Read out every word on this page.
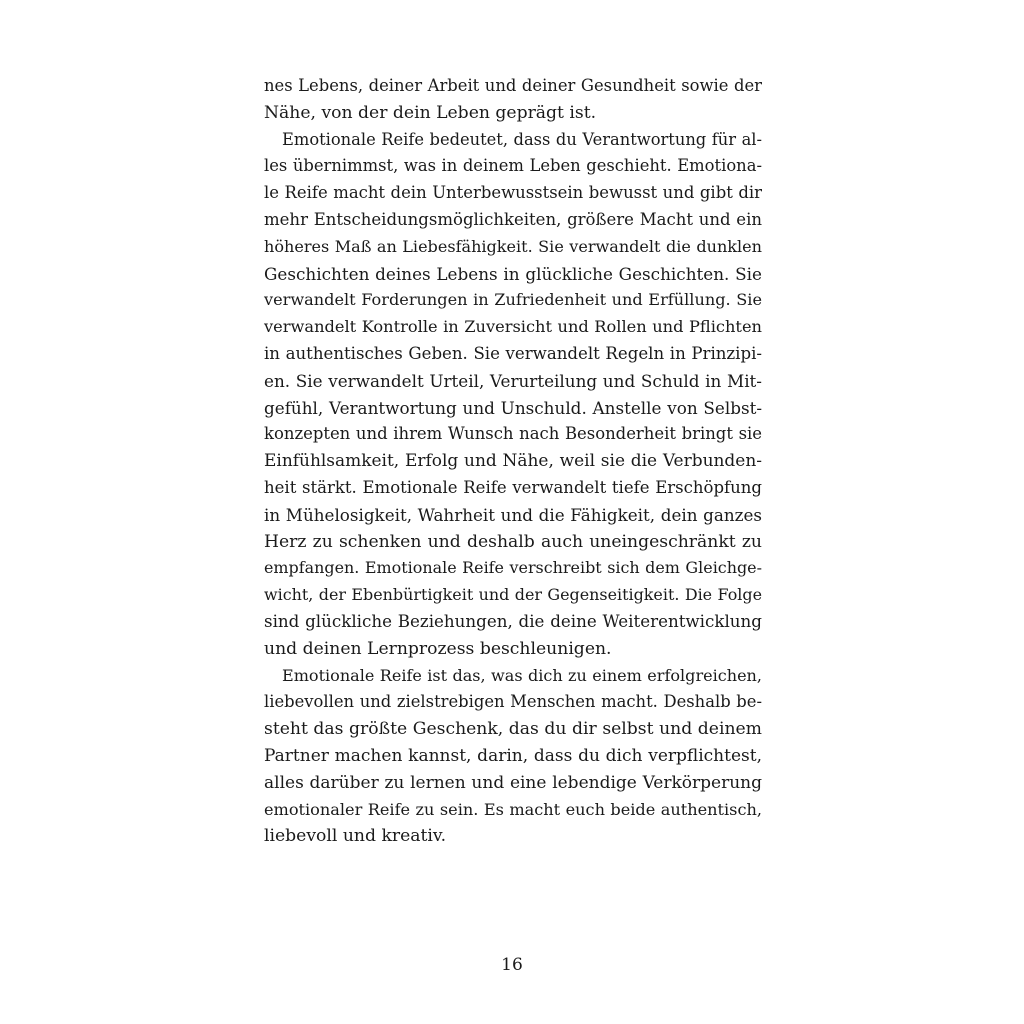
nes Lebens, deiner Arbeit und deiner Gesundheit sowie der
Nähe, von der dein Leben geprägt ist.
Emotionale Reife bedeutet, dass du Verantwortung für al-
les übernimmst, was in deinem Leben geschieht. Emotiona-
le Reife macht dein Unterbewusstsein bewusst und gibt dir
mehr Entscheidungsmöglichkeiten, größere Macht und ein
höheres Maß an Liebesfähigkeit. Sie verwandelt die dunklen
Geschichten deines Lebens in glückliche Geschichten. Sie
verwandelt Forderungen in Zufriedenheit und Erfüllung. Sie
verwandelt Kontrolle in Zuversicht und Rollen und Pflichten
in authentisches Geben. Sie verwandelt Regeln in Prinzipi-
en. Sie verwandelt Urteil, Verurteilung und Schuld in Mit-
gefühl, Verantwortung und Unschuld. Anstelle von Selbst-
konzepten und ihrem Wunsch nach Besonderheit bringt sie
Einfühlsamkeit, Erfolg und Nähe, weil sie die Verbunden-
heit stärkt. Emotionale Reife verwandelt tiefe Erschöpfung
in Mühelosigkeit, Wahrheit und die Fähigkeit, dein ganzes
Herz zu schenken und deshalb auch uneingeschränkt zu
empfangen. Emotionale Reife verschreibt sich dem Gleichge-
wicht, der Ebenbürtigkeit und der Gegenseitigkeit. Die Folge
sind glückliche Beziehungen, die deine Weiterentwicklung
und deinen Lernprozess beschleunigen.
Emotionale Reife ist das, was dich zu einem erfolgreichen,
liebevollen und zielstrebigen Menschen macht. Deshalb be-
steht das größte Geschenk, das du dir selbst und deinem
Partner machen kannst, darin, dass du dich verpflichtest,
alles darüber zu lernen und eine lebendige Verkörperung
emotionaler Reife zu sein. Es macht euch beide authentisch,
liebevoll und kreativ.
16
